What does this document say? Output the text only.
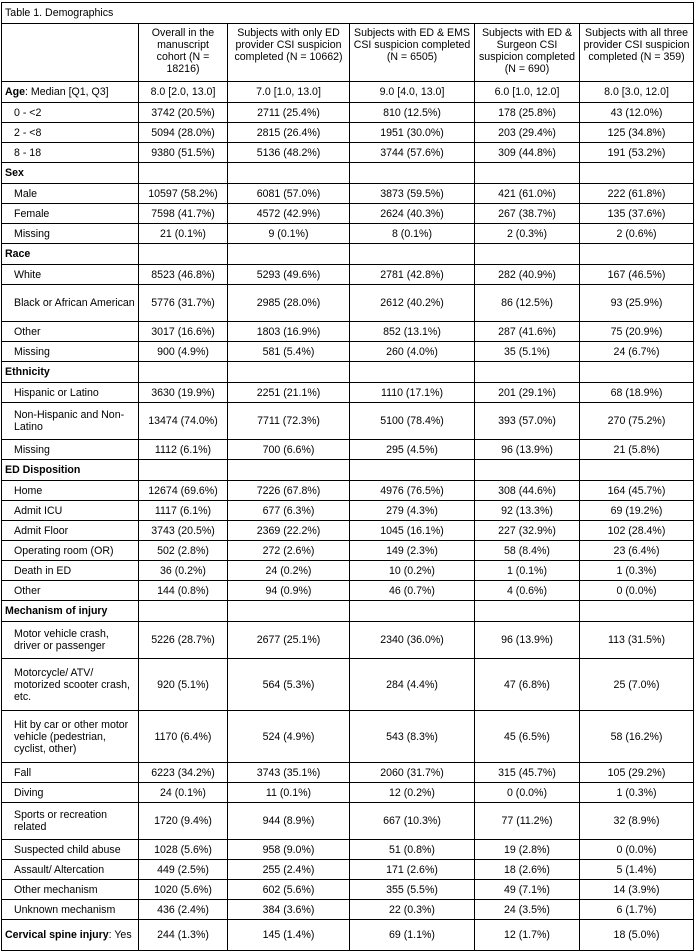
Table 1. Demographics					
	Overall in the manuscript cohort (N = 18216)	Subjects with only ED provider CSI suspicion completed (N = 10662)	Subjects with ED & EMS CSI suspicion completed (N = 6505)	Subjects with ED & Surgeon CSI suspicion completed (N = 690)	Subjects with all three provider CSI suspicion completed (N = 359)
Age: Median [Q1, Q3]	8.0 [2.0, 13.0]	7.0 [1.0, 13.0]	9.0 [4.0, 13.0]	6.0 [1.0, 12.0]	8.0 [3.0, 12.0]
0 - <2	3742 (20.5%)	2711 (25.4%)	810 (12.5%)	178 (25.8%)	43 (12.0%)
2 - <8	5094 (28.0%)	2815 (26.4%)	1951 (30.0%)	203 (29.4%)	125 (34.8%)
8 - 18	9380 (51.5%)	5136 (48.2%)	3744 (57.6%)	309 (44.8%)	191 (53.2%)
Sex					
Male	10597 (58.2%)	6081 (57.0%)	3873 (59.5%)	421 (61.0%)	222 (61.8%)
Female	7598 (41.7%)	4572 (42.9%)	2624 (40.3%)	267 (38.7%)	135 (37.6%)
Missing	21 (0.1%)	9 (0.1%)	8 (0.1%)	2 (0.3%)	2 (0.6%)
Race					
White	8523 (46.8%)	5293 (49.6%)	2781 (42.8%)	282 (40.9%)	167 (46.5%)
Black or African American	5776 (31.7%)	2985 (28.0%)	2612 (40.2%)	86 (12.5%)	93 (25.9%)
Other	3017 (16.6%)	1803 (16.9%)	852 (13.1%)	287 (41.6%)	75 (20.9%)
Missing	900 (4.9%)	581 (5.4%)	260 (4.0%)	35 (5.1%)	24 (6.7%)
Ethnicity					
Hispanic or Latino	3630 (19.9%)	2251 (21.1%)	1110 (17.1%)	201 (29.1%)	68 (18.9%)
Non-Hispanic and Non-Latino	13474 (74.0%)	7711 (72.3%)	5100 (78.4%)	393 (57.0%)	270 (75.2%)
Missing	1112 (6.1%)	700 (6.6%)	295 (4.5%)	96 (13.9%)	21 (5.8%)
ED Disposition					
Home	12674 (69.6%)	7226 (67.8%)	4976 (76.5%)	308 (44.6%)	164 (45.7%)
Admit ICU	1117 (6.1%)	677 (6.3%)	279 (4.3%)	92 (13.3%)	69 (19.2%)
Admit Floor	3743 (20.5%)	2369 (22.2%)	1045 (16.1%)	227 (32.9%)	102 (28.4%)
Operating room (OR)	502 (2.8%)	272 (2.6%)	149 (2.3%)	58 (8.4%)	23 (6.4%)
Death in ED	36 (0.2%)	24 (0.2%)	10 (0.2%)	1 (0.1%)	1 (0.3%)
Other	144 (0.8%)	94 (0.9%)	46 (0.7%)	4 (0.6%)	0 (0.0%)
Mechanism of injury					
Motor vehicle crash, driver or passenger	5226 (28.7%)	2677 (25.1%)	2340 (36.0%)	96 (13.9%)	113 (31.5%)
Motorcycle/ ATV/ motorized scooter crash, etc.	920 (5.1%)	564 (5.3%)	284 (4.4%)	47 (6.8%)	25 (7.0%)
Hit by car or other motor vehicle (pedestrian, cyclist, other)	1170 (6.4%)	524 (4.9%)	543 (8.3%)	45 (6.5%)	58 (16.2%)
Fall	6223 (34.2%)	3743 (35.1%)	2060 (31.7%)	315 (45.7%)	105 (29.2%)
Diving	24 (0.1%)	11 (0.1%)	12 (0.2%)	0 (0.0%)	1 (0.3%)
Sports or recreation related	1720 (9.4%)	944 (8.9%)	667 (10.3%)	77 (11.2%)	32 (8.9%)
Suspected child abuse	1028 (5.6%)	958 (9.0%)	51 (0.8%)	19 (2.8%)	0 (0.0%)
Assault/ Altercation	449 (2.5%)	255 (2.4%)	171 (2.6%)	18 (2.6%)	5 (1.4%)
Other mechanism	1020 (5.6%)	602 (5.6%)	355 (5.5%)	49 (7.1%)	14 (3.9%)
Unknown mechanism	436 (2.4%)	384 (3.6%)	22 (0.3%)	24 (3.5%)	6 (1.7%)
Cervical spine injury: Yes	244 (1.3%)	145 (1.4%)	69 (1.1%)	12 (1.7%)	18 (5.0%)
